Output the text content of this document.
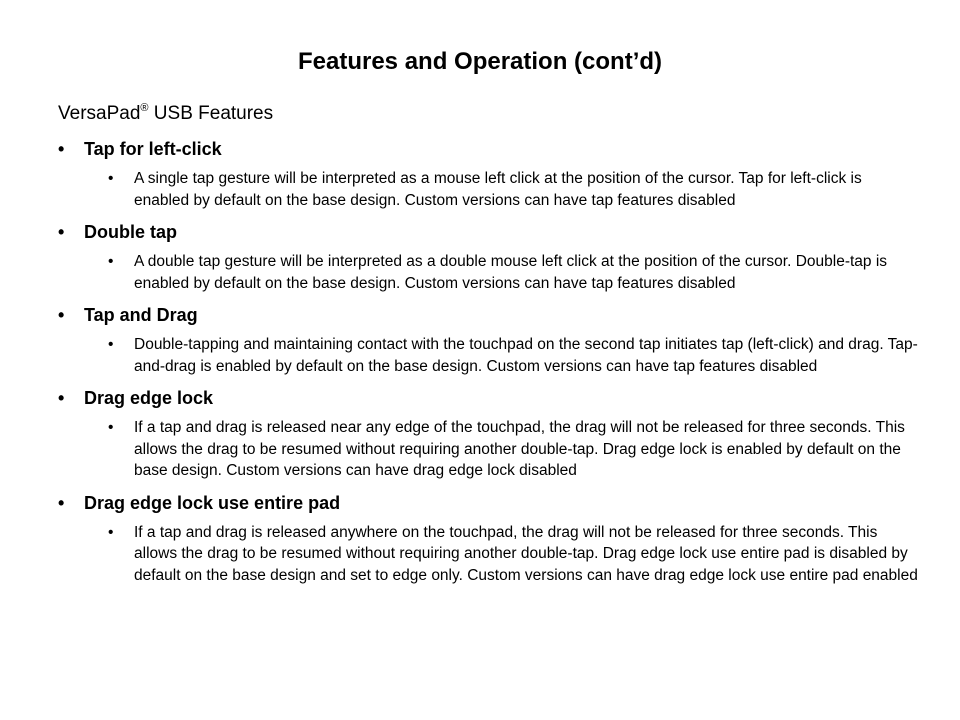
Features and Operation (cont’d)
VersaPad® USB Features
• Tap for left-click
• A single tap gesture will be interpreted as a mouse left click at the position of the cursor. Tap for left-click is enabled by default on the base design. Custom versions can have tap features disabled
• Double tap
• A double tap gesture will be interpreted as a double mouse left click at the position of the cursor. Double-tap is enabled by default on the base design. Custom versions can have tap features disabled
• Tap and Drag
• Double-tapping and maintaining contact with the touchpad on the second tap initiates tap (left-click) and drag. Tap-and-drag is enabled by default on the base design. Custom versions can have tap features disabled
• Drag edge lock
• If a tap and drag is released near any edge of the touchpad, the drag will not be released for three seconds. This allows the drag to be resumed without requiring another double-tap. Drag edge lock is enabled by default on the base design. Custom versions can have drag edge lock disabled
• Drag edge lock use entire pad
• If a tap and drag is released anywhere on the touchpad, the drag will not be released for three seconds. This allows the drag to be resumed without requiring another double-tap. Drag edge lock use entire pad is disabled by default on the base design and set to edge only. Custom versions can have drag edge lock use entire pad enabled
